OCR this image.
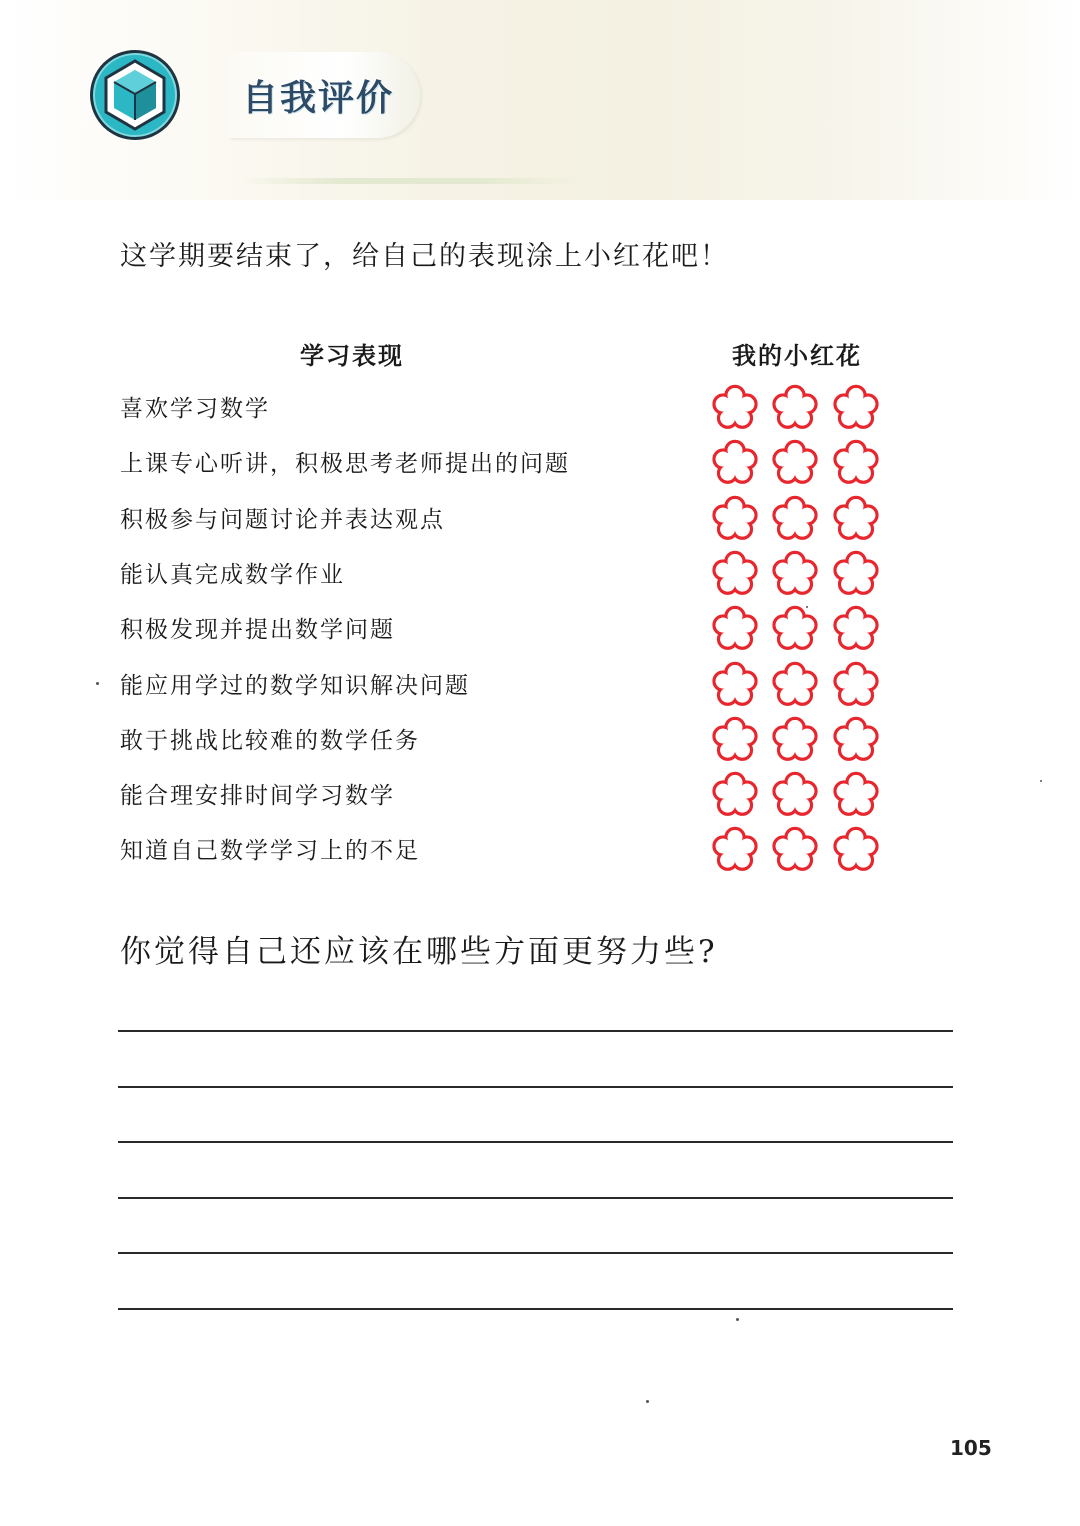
自我评价
这学期要结束了，给自己的表现涂上小红花吧！
学习表现	我的小红花
喜欢学习数学
上课专心听讲，积极思考老师提出的问题
积极参与问题讨论并表达观点
能认真完成数学作业
积极发现并提出数学问题
能应用学过的数学知识解决问题
敢于挑战比较难的数学任务
能合理安排时间学习数学
知道自己数学学习上的不足
你觉得自己还应该在哪些方面更努力些?
105
